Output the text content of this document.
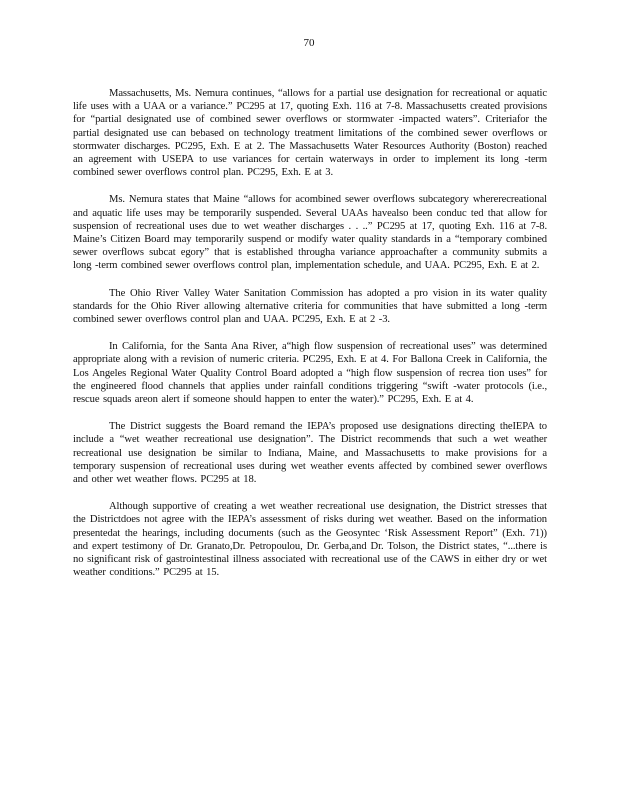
70

Massachusetts, Ms. Nemura continues, “allows for a partial use designation for recreational or aquatic life uses with a UAA or a variance.” PC295 at 17, quoting Exh. 116 at 7-8. Massachusetts created provisions for “partial designated use of combined sewer overflows or stormwater -impacted waters”. Criteriafor the partial designated use can bebased on technology treatment limitations of the combined sewer overflows or stormwater discharges. PC295, Exh. E at 2. The Massachusetts Water Resources Authority (Boston) reached an agreement with USEPA to use variances for certain waterways in order to implement its long -term combined sewer overflows control plan. PC295, Exh. E at 3.

Ms. Nemura states that Maine “allows for acombined sewer overflows subcategory whererecreational and aquatic life uses may be temporarily suspended. Several UAAs havealso been conduc ted that allow for suspension of recreational uses due to wet weather discharges . . ..” PC295 at 17, quoting Exh. 116 at 7-8. Maine’s Citizen Board may temporarily suspend or modify water quality standards in a “temporary combined sewer overflows subcat egory” that is established througha variance approachafter a community submits a long -term combined sewer overflows control plan, implementation schedule, and UAA. PC295, Exh. E at 2.

The Ohio River Valley Water Sanitation Commission has adopted a pro vision in its water quality standards for the Ohio River allowing alternative criteria for communities that have submitted a long -term combined sewer overflows control plan and UAA. PC295, Exh. E at 2 -3.

In California, for the Santa Ana River, a“high flow suspension of recreational uses” was determined appropriate along with a revision of numeric criteria. PC295, Exh. E at 4. For Ballona Creek in California, the Los Angeles Regional Water Quality Control Board adopted a “high flow suspension of recrea tion uses” for the engineered flood channels that applies under rainfall conditions triggering “swift -water protocols (i.e., rescue squads areon alert if someone should happen to enter the water).” PC295, Exh. E at 4.

The District suggests the Board remand the IEPA’s proposed use designations directing theIEPA to include a “wet weather recreational use designation”. The District recommends that such a wet weather recreational use designation be similar to Indiana, Maine, and Massachusetts to make provisions for a temporary suspension of recreational uses during wet weather events affected by combined sewer overflows and other wet weather flows. PC295 at 18.

Although supportive of creating a wet weather recreational use designation, the District stresses that the Districtdoes not agree with the IEPA’s assessment of risks during wet weather. Based on the information presentedat the hearings, including documents (such as the Geosyntec ‘Risk Assessment Report” (Exh. 71)) and expert testimony of Dr. Granato,Dr. Petropoulou, Dr. Gerba,and Dr. Tolson, the District states, “...there is no significant risk of gastrointestinal illness associated with recreational use of the CAWS in either dry or wet weather conditions.” PC295 at 15.
